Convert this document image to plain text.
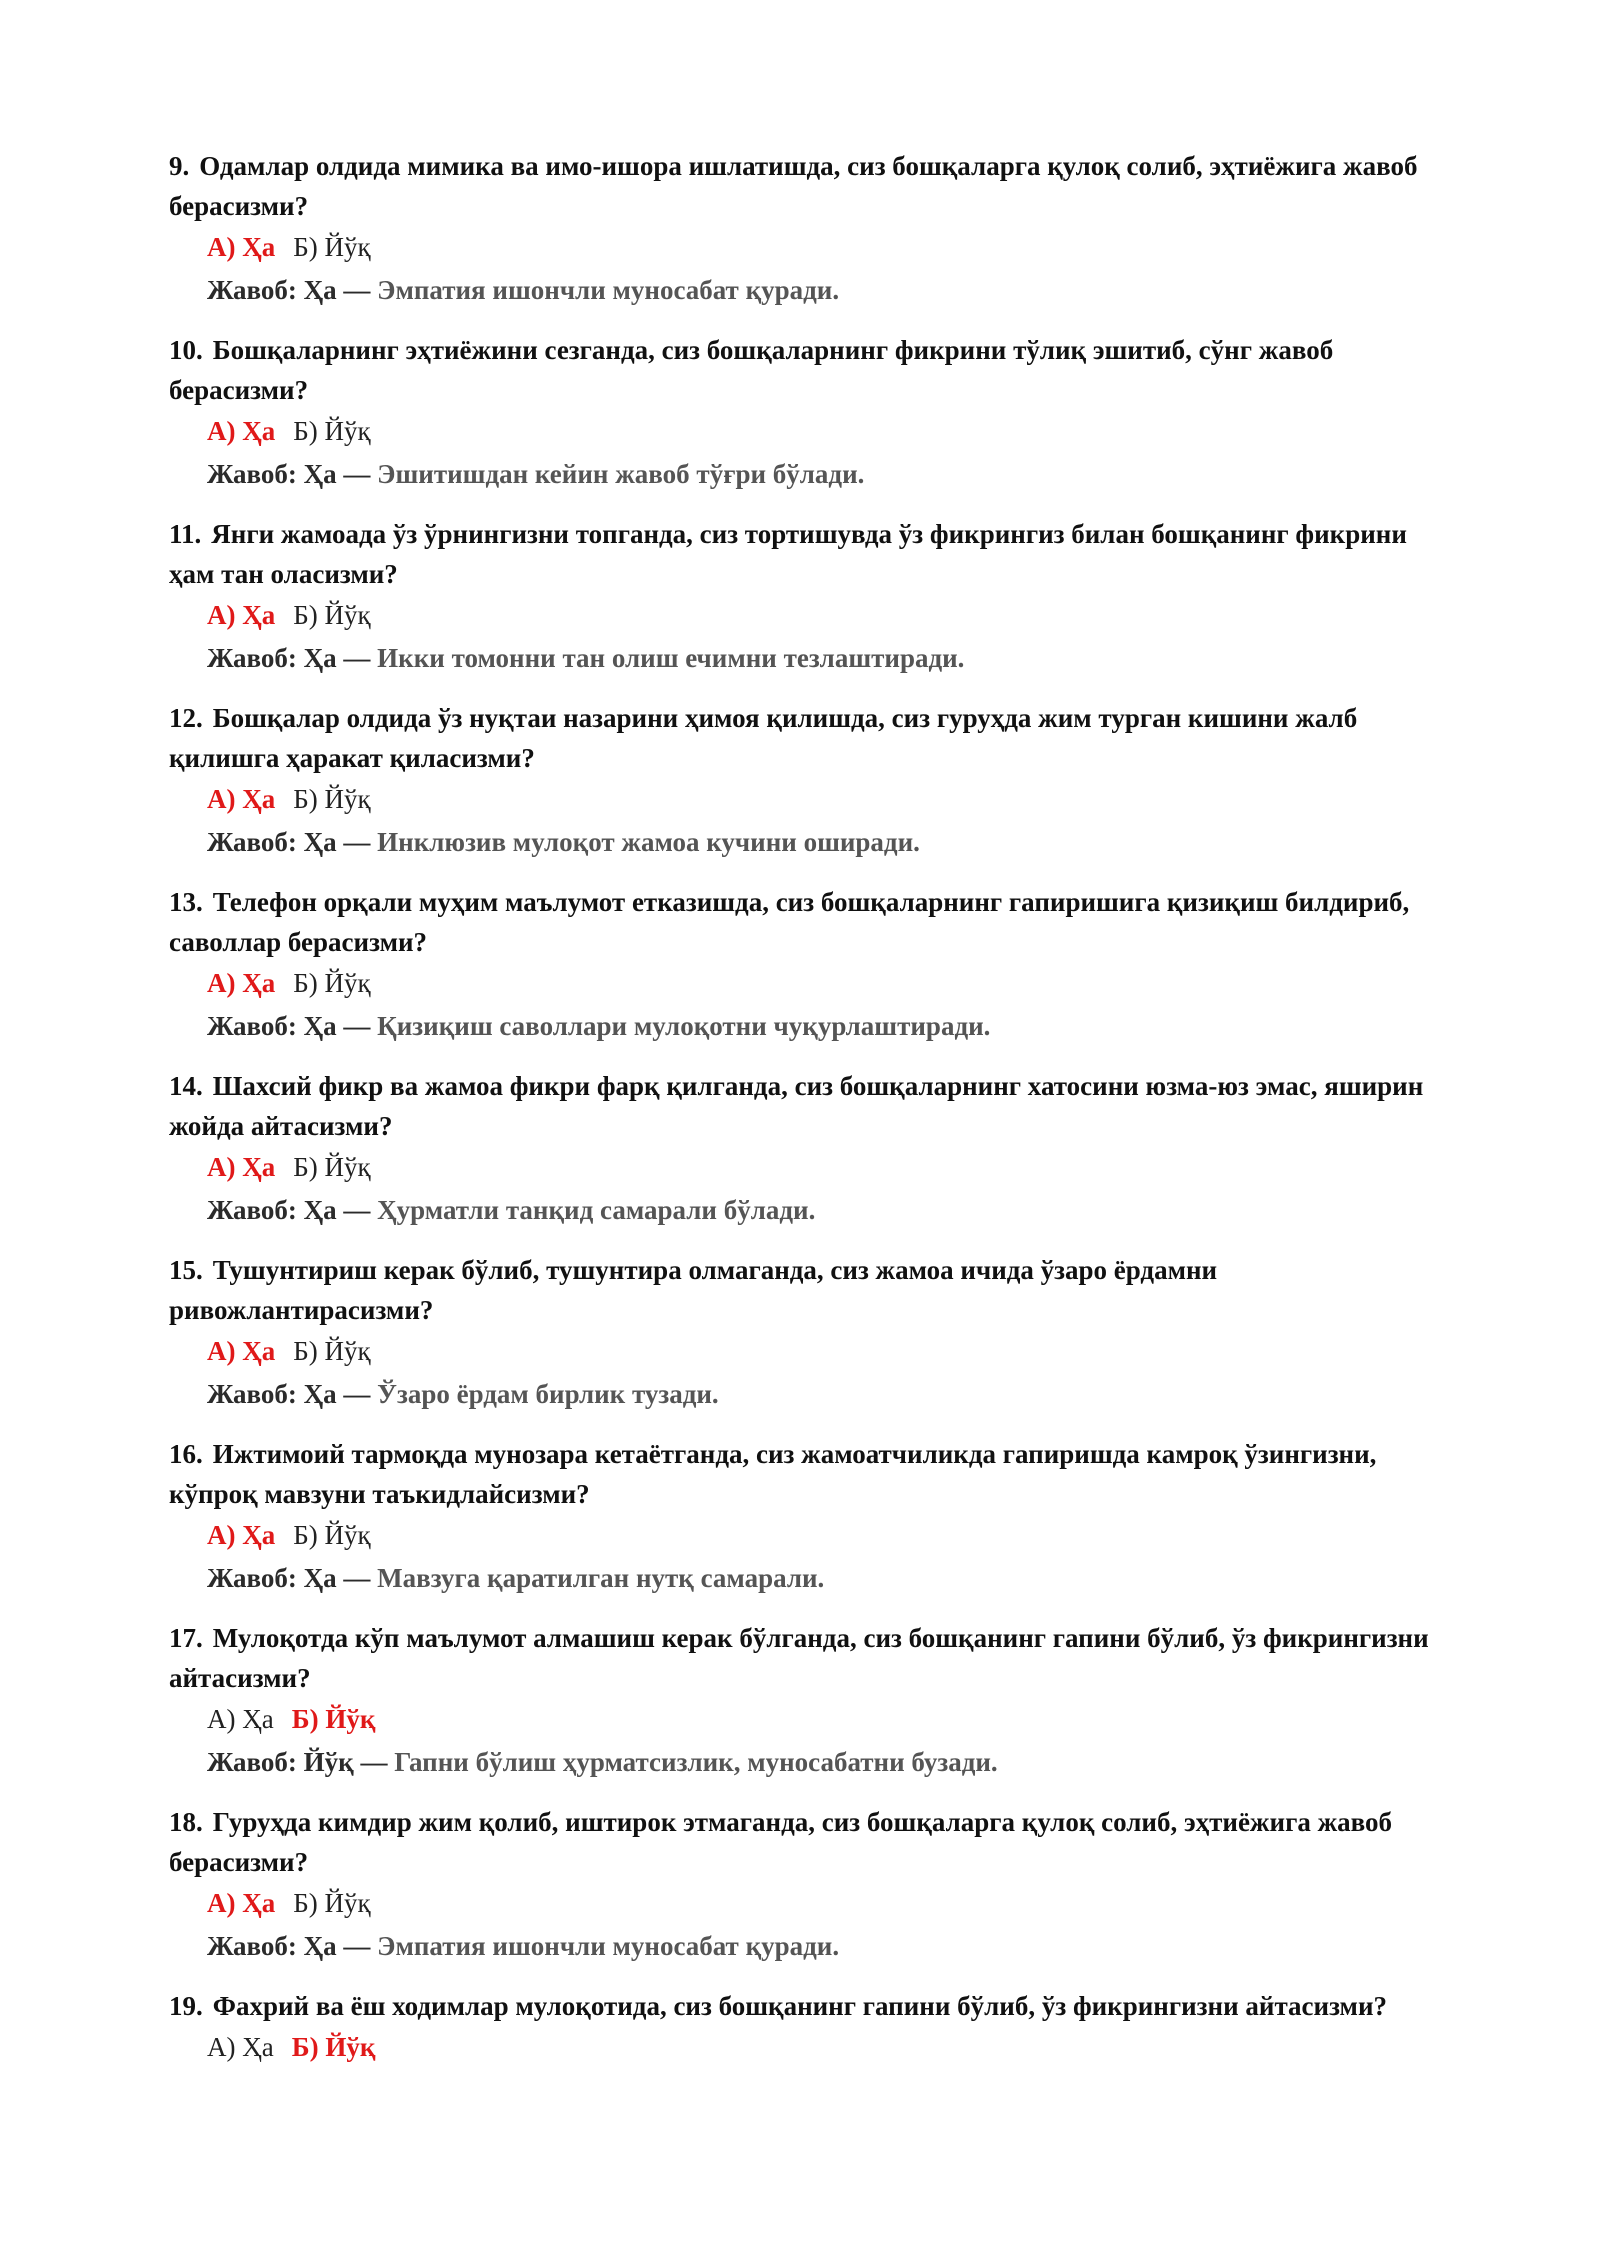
9. Одамлар олдида мимика ва имо-ишора ишлатишда, сиз бошқаларга қулоқ солиб, эҳтиёжига жавоб берасизми?

А) Ҳа Б) Йўқ
Жавоб: Ҳа — Эмпатия ишончли муносабат қуради.

10. Бошқаларнинг эҳтиёжини сезганда, сиз бошқаларнинг фикрини тўлиқ эшитиб, сўнг жавоб берасизми?

А) Ҳа Б) Йўқ
Жавоб: Ҳа — Эшитишдан кейин жавоб тўғри бўлади.

11. Янги жамоада ўз ўрнингизни топганда, сиз тортишувда ўз фикрингиз билан бошқанинг фикрини ҳам тан оласизми?

А) Ҳа Б) Йўқ
Жавоб: Ҳа — Икки томонни тан олиш ечимни тезлаштиради.

12. Бошқалар олдида ўз нуқтаи назарини ҳимоя қилишда, сиз гуруҳда жим турган кишини жалб қилишга ҳаракат қиласизми?

А) Ҳа Б) Йўқ
Жавоб: Ҳа — Инклюзив мулоқот жамоа кучини оширади.

13. Телефон орқали муҳим маълумот етказишда, сиз бошқаларнинг гапиришига қизиқиш билдириб, саволлар берасизми?

А) Ҳа Б) Йўқ
Жавоб: Ҳа — Қизиқиш саволлари мулоқотни чуқурлаштиради.

14. Шахсий фикр ва жамоа фикри фарқ қилганда, сиз бошқаларнинг хатосини юзма-юз эмас, яширин жойда айтасизми?

А) Ҳа Б) Йўқ
Жавоб: Ҳа — Ҳурматли танқид самарали бўлади.

15. Тушунтириш керак бўлиб, тушунтира олмаганда, сиз жамоа ичида ўзаро ёрдамни ривожлантирасизми?

А) Ҳа Б) Йўқ
Жавоб: Ҳа — Ўзаро ёрдам бирлик тузади.

16. Ижтимоий тармоқда мунозара кетаётганда, сиз жамоатчиликда гапиришда камроқ ўзингизни, кўпроқ мавзуни таъкидлайсизми?

А) Ҳа Б) Йўқ
Жавоб: Ҳа — Мавзуга қаратилган нутқ самарали.

17. Мулоқотда кўп маълумот алмашиш керак бўлганда, сиз бошқанинг гапини бўлиб, ўз фикрингизни айтасизми?

А) Ҳа Б) Йўқ
Жавоб: Йўқ — Гапни бўлиш ҳурматсизлик, муносабатни бузади.

18. Гуруҳда кимдир жим қолиб, иштирок этмаганда, сиз бошқаларга қулоқ солиб, эҳтиёжига жавоб берасизми?

А) Ҳа Б) Йўқ
Жавоб: Ҳа — Эмпатия ишончли муносабат қуради.

19. Фахрий ва ёш ходимлар мулоқотида, сиз бошқанинг гапини бўлиб, ўз фикрингизни айтасизми?

А) Ҳа Б) Йўқ
